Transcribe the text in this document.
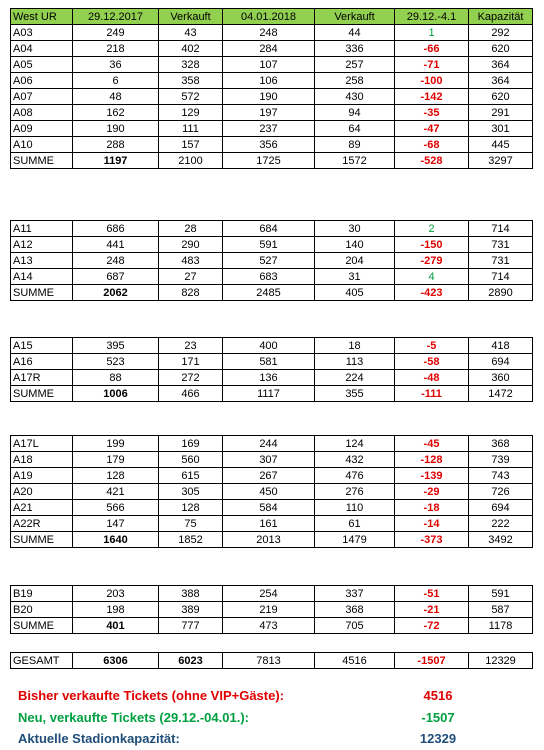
West UR	29.12.2017	Verkauft	04.01.2018	Verkauft	29.12.-4.1	Kapazität
A03	249	43	248	44	1	292
A04	218	402	284	336	-66	620
A05	36	328	107	257	-71	364
A06	6	358	106	258	-100	364
A07	48	572	190	430	-142	620
A08	162	129	197	94	-35	291
A09	190	111	237	64	-47	301
A10	288	157	356	89	-68	445
SUMME	1197	2100	1725	1572	-528	3297
A11	686	28	684	30	2	714
A12	441	290	591	140	-150	731
A13	248	483	527	204	-279	731
A14	687	27	683	31	4	714
SUMME	2062	828	2485	405	-423	2890
A15	395	23	400	18	-5	418
A16	523	171	581	113	-58	694
A17R	88	272	136	224	-48	360
SUMME	1006	466	1117	355	-111	1472
A17L	199	169	244	124	-45	368
A18	179	560	307	432	-128	739
A19	128	615	267	476	-139	743
A20	421	305	450	276	-29	726
A21	566	128	584	110	-18	694
A22R	147	75	161	61	-14	222
SUMME	1640	1852	2013	1479	-373	3492
B19	203	388	254	337	-51	591
B20	198	389	219	368	-21	587
SUMME	401	777	473	705	-72	1178
GESAMT	6306	6023	7813	4516	-1507	12329
Bisher verkaufte Tickets (ohne VIP+Gäste):	4516
Neu, verkaufte Tickets (29.12.-04.01.):	-1507
Aktuelle Stadionkapazität:	12329
